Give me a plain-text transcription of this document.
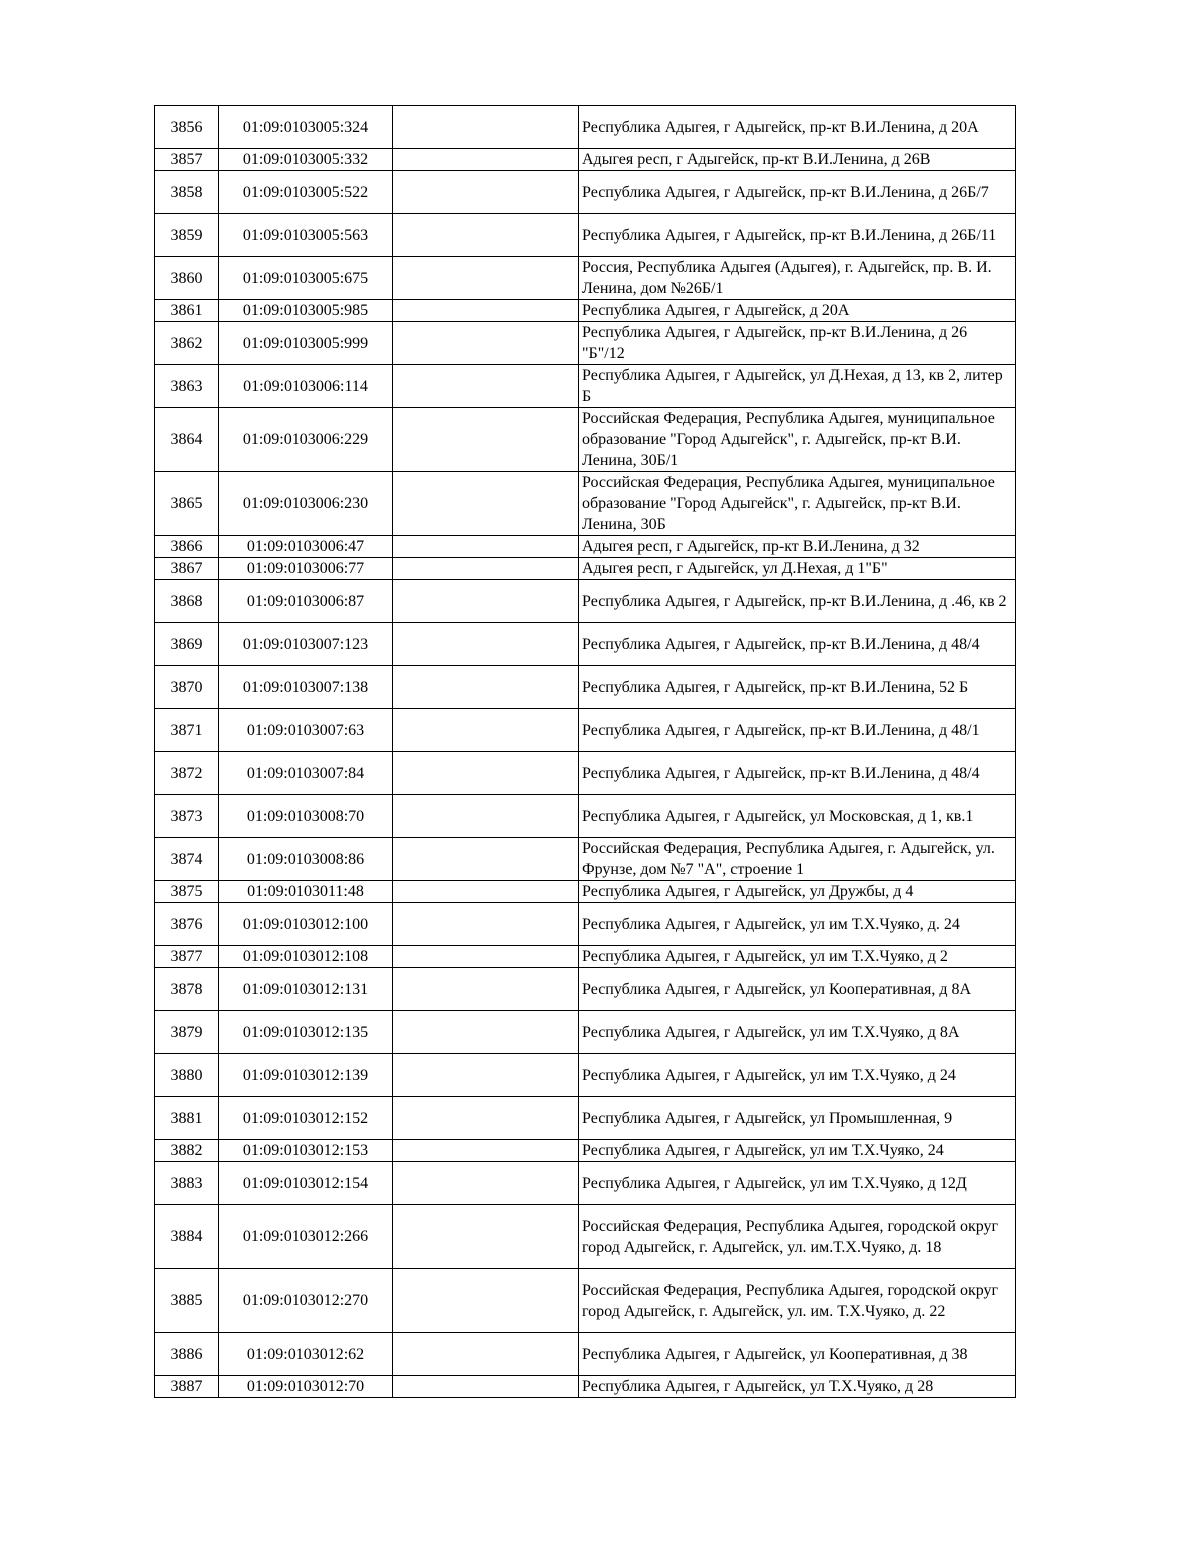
3856	01:09:0103005:324		Республика Адыгея, г Адыгейск, пр-кт В.И.Ленина, д 20А
3857	01:09:0103005:332		Адыгея респ, г Адыгейск, пр-кт В.И.Ленина, д 26В
3858	01:09:0103005:522		Республика Адыгея, г Адыгейск, пр-кт В.И.Ленина, д 26Б/7
3859	01:09:0103005:563		Республика Адыгея, г Адыгейск, пр-кт В.И.Ленина, д 26Б/11
3860	01:09:0103005:675		Россия, Республика Адыгея (Адыгея), г. Адыгейск, пр. В. И. Ленина, дом №26Б/1
3861	01:09:0103005:985		Республика Адыгея, г Адыгейск, д 20А
3862	01:09:0103005:999		Республика Адыгея, г Адыгейск, пр-кт В.И.Ленина, д 26 "Б"/12
3863	01:09:0103006:114		Республика Адыгея, г Адыгейск, ул Д.Нехая, д 13, кв 2, литер Б
3864	01:09:0103006:229		Российская Федерация, Республика Адыгея, муниципальное образование "Город Адыгейск", г. Адыгейск, пр-кт В.И. Ленина, 30Б/1
3865	01:09:0103006:230		Российская Федерация, Республика Адыгея, муниципальное образование "Город Адыгейск", г. Адыгейск, пр-кт В.И. Ленина, 30Б
3866	01:09:0103006:47		Адыгея респ, г Адыгейск, пр-кт В.И.Ленина, д 32
3867	01:09:0103006:77		Адыгея респ, г Адыгейск, ул Д.Нехая, д 1"Б"
3868	01:09:0103006:87		Республика Адыгея, г Адыгейск, пр-кт В.И.Ленина, д .46, кв 2
3869	01:09:0103007:123		Республика Адыгея, г Адыгейск, пр-кт В.И.Ленина, д 48/4
3870	01:09:0103007:138		Республика Адыгея, г Адыгейск, пр-кт В.И.Ленина, 52 Б
3871	01:09:0103007:63		Республика Адыгея, г Адыгейск, пр-кт В.И.Ленина, д 48/1
3872	01:09:0103007:84		Республика Адыгея, г Адыгейск, пр-кт В.И.Ленина, д 48/4
3873	01:09:0103008:70		Республика Адыгея, г Адыгейск, ул Московская, д 1, кв.1
3874	01:09:0103008:86		Российская Федерация, Республика Адыгея, г. Адыгейск, ул. Фрунзе, дом №7 "А", строение 1
3875	01:09:0103011:48		Республика Адыгея, г Адыгейск, ул Дружбы, д 4
3876	01:09:0103012:100		Республика Адыгея, г Адыгейск, ул им Т.Х.Чуяко, д. 24
3877	01:09:0103012:108		Республика Адыгея, г Адыгейск, ул им Т.Х.Чуяко, д 2
3878	01:09:0103012:131		Республика Адыгея, г Адыгейск, ул Кооперативная, д 8А
3879	01:09:0103012:135		Республика Адыгея, г Адыгейск, ул им Т.Х.Чуяко, д 8А
3880	01:09:0103012:139		Республика Адыгея, г Адыгейск, ул им Т.Х.Чуяко, д 24
3881	01:09:0103012:152		Республика Адыгея, г Адыгейск, ул Промышленная, 9
3882	01:09:0103012:153		Республика Адыгея, г Адыгейск, ул им Т.Х.Чуяко, 24
3883	01:09:0103012:154		Республика Адыгея, г Адыгейск, ул им Т.Х.Чуяко, д 12Д
3884	01:09:0103012:266		Российская Федерация, Республика Адыгея, городской округ город Адыгейск, г. Адыгейск, ул. им.Т.Х.Чуяко, д. 18
3885	01:09:0103012:270		Российская Федерация, Республика Адыгея, городской округ город Адыгейск, г. Адыгейск, ул. им. Т.Х.Чуяко, д. 22
3886	01:09:0103012:62		Республика Адыгея, г Адыгейск, ул Кооперативная, д 38
3887	01:09:0103012:70		Республика Адыгея, г Адыгейск, ул Т.Х.Чуяко, д 28
